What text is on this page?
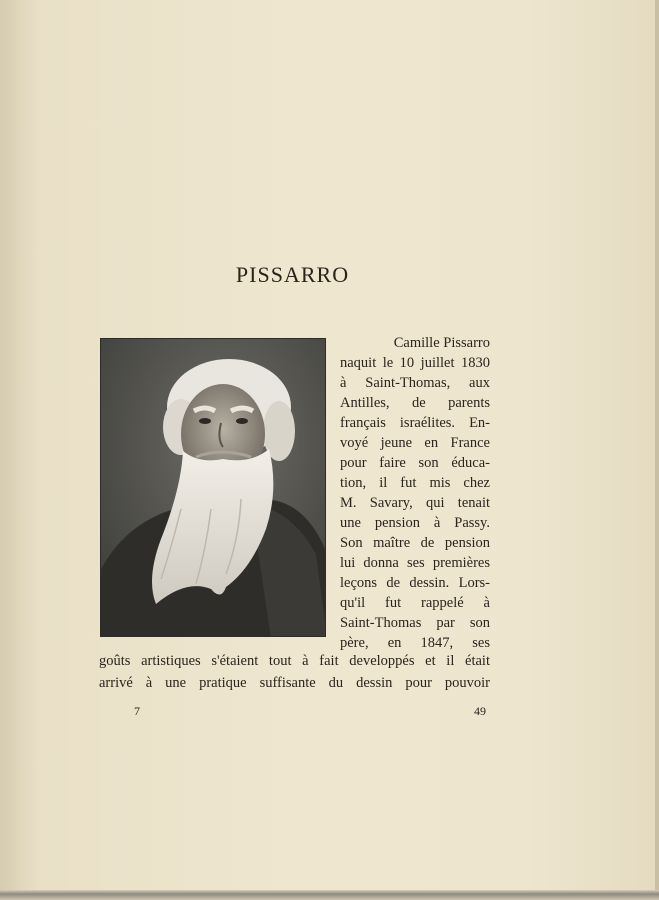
PISSARRO
Camille Pissarro
naquit le 10 juillet 1830
à Saint-Thomas, aux
Antilles, de parents
français israélites. En-
voyé jeune en France
pour faire son éduca-
tion, il fut mis chez
M. Savary, qui tenait
une pension à Passy.
Son maître de pension
lui donna ses premières
leçons de dessin. Lors-
qu'il fut rappelé à
Saint-Thomas par son
père, en 1847, ses
goûts artistiques s'étaient tout à fait developpés et il était
arrivé à une pratique suffisante du dessin pour pouvoir
7	49
